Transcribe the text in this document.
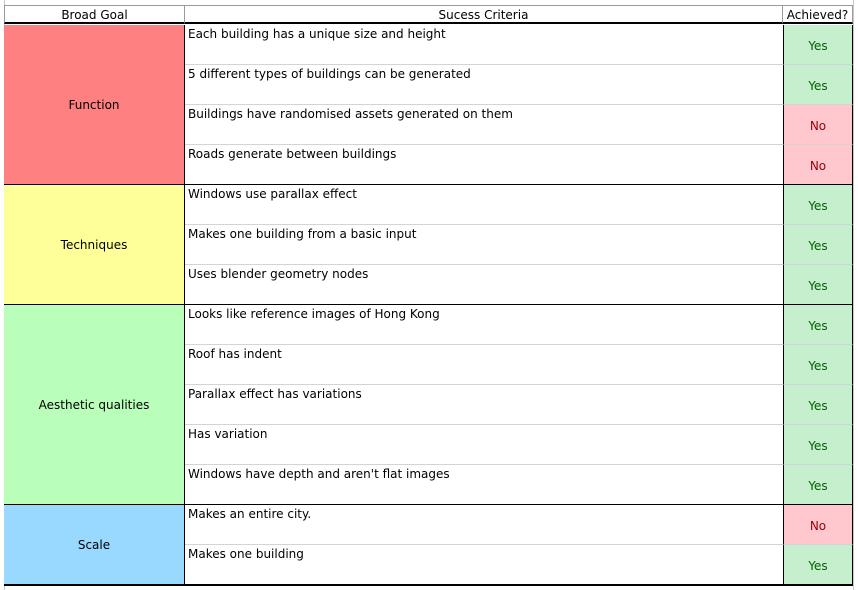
Broad Goal	Sucess Criteria	Achieved?
Each building has a unique size and height
Yes
5 different types of buildings can be generated
Yes
Buildings have randomised assets generated on them
No
Roads generate between buildings
No
Function
Windows use parallax effect
Yes
Makes one building from a basic input
Yes
Uses blender geometry nodes
Yes
Techniques
Looks like reference images of Hong Kong
Yes
Roof has indent
Yes
Parallax effect has variations
Yes
Has variation
Yes
Windows have depth and aren't flat images
Yes
Aesthetic qualities
Makes an entire city.
No
Makes one building
Yes
Scale
